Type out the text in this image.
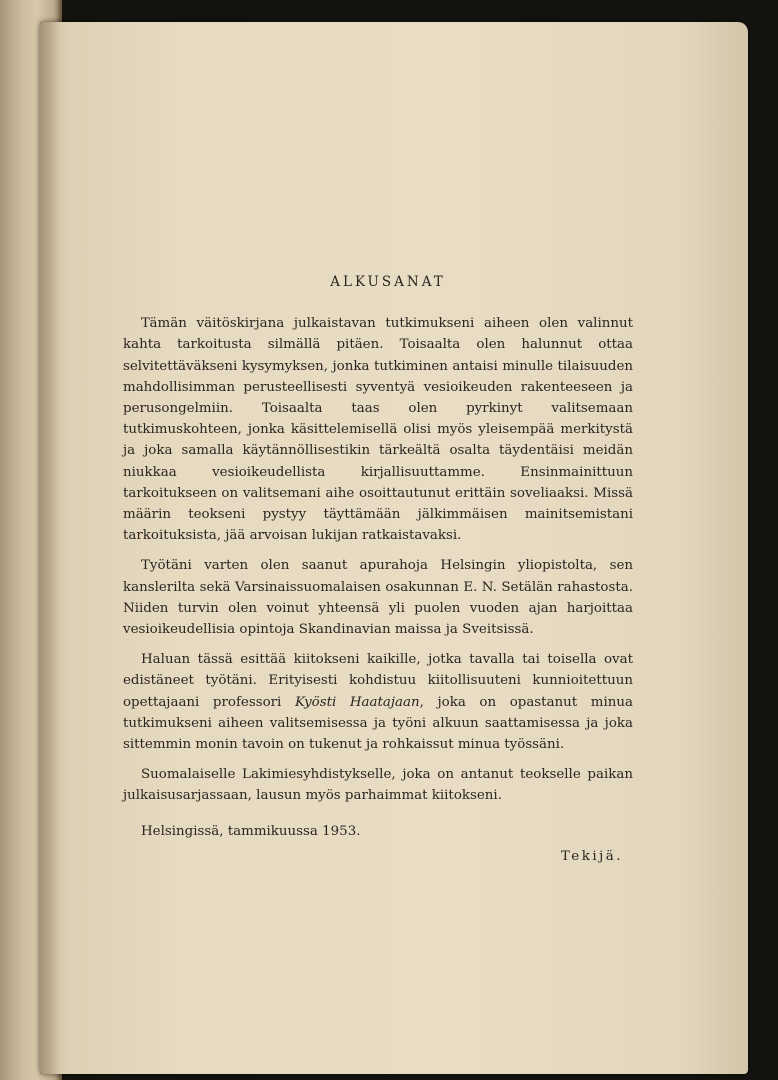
ALKUSANAT

Tämän väitöskirjana julkaistavan tutkimukseni aiheen olen valinnut kahta tarkoitusta silmällä pitäen. Toisaalta olen halunnut ottaa selvitettäväkseni kysymyksen, jonka tutkiminen antaisi minulle tilaisuuden mahdollisimman perusteellisesti syventyä vesioikeuden rakenteeseen ja perusongelmiin. Toisaalta taas olen pyrkinyt valitsemaan tutkimuskohteen, jonka käsittelemisellä olisi myös yleisempää merkitystä ja joka samalla käytännöllisestikin tärkeältä osalta täydentäisi meidän niukkaa vesioikeudellista kirjallisuuttamme. Ensinmainittuun tarkoitukseen on valitsemani aihe osoittautunut erittäin soveliaaksi. Missä määrin teokseni pystyy täyttämään jälkimmäisen mainitsemistani tarkoituksista, jää arvoisan lukijan ratkaistavaksi.

Työtäni varten olen saanut apurahoja Helsingin yliopistolta, sen kanslerilta sekä Varsinaissuomalaisen osakunnan E. N. Setälän rahastosta. Niiden turvin olen voinut yhteensä yli puolen vuoden ajan harjoittaa vesioikeudellisia opintoja Skandinavian maissa ja Sveitsissä.

Haluan tässä esittää kiitokseni kaikille, jotka tavalla tai toisella ovat edistäneet työtäni. Erityisesti kohdistuu kiitollisuuteni kunnioitettuun opettajaani professori Kyösti Haatajaan, joka on opastanut minua tutkimukseni aiheen valitsemisessa ja työni alkuun saattamisessa ja joka sittemmin monin tavoin on tukenut ja rohkaissut minua työssäni.

Suomalaiselle Lakimiesyhdistykselle, joka on antanut teokselle paikan julkaisusarjassaan, lausun myös parhaimmat kiitokseni.

Helsingissä, tammikuussa 1953.

Tekijä.
